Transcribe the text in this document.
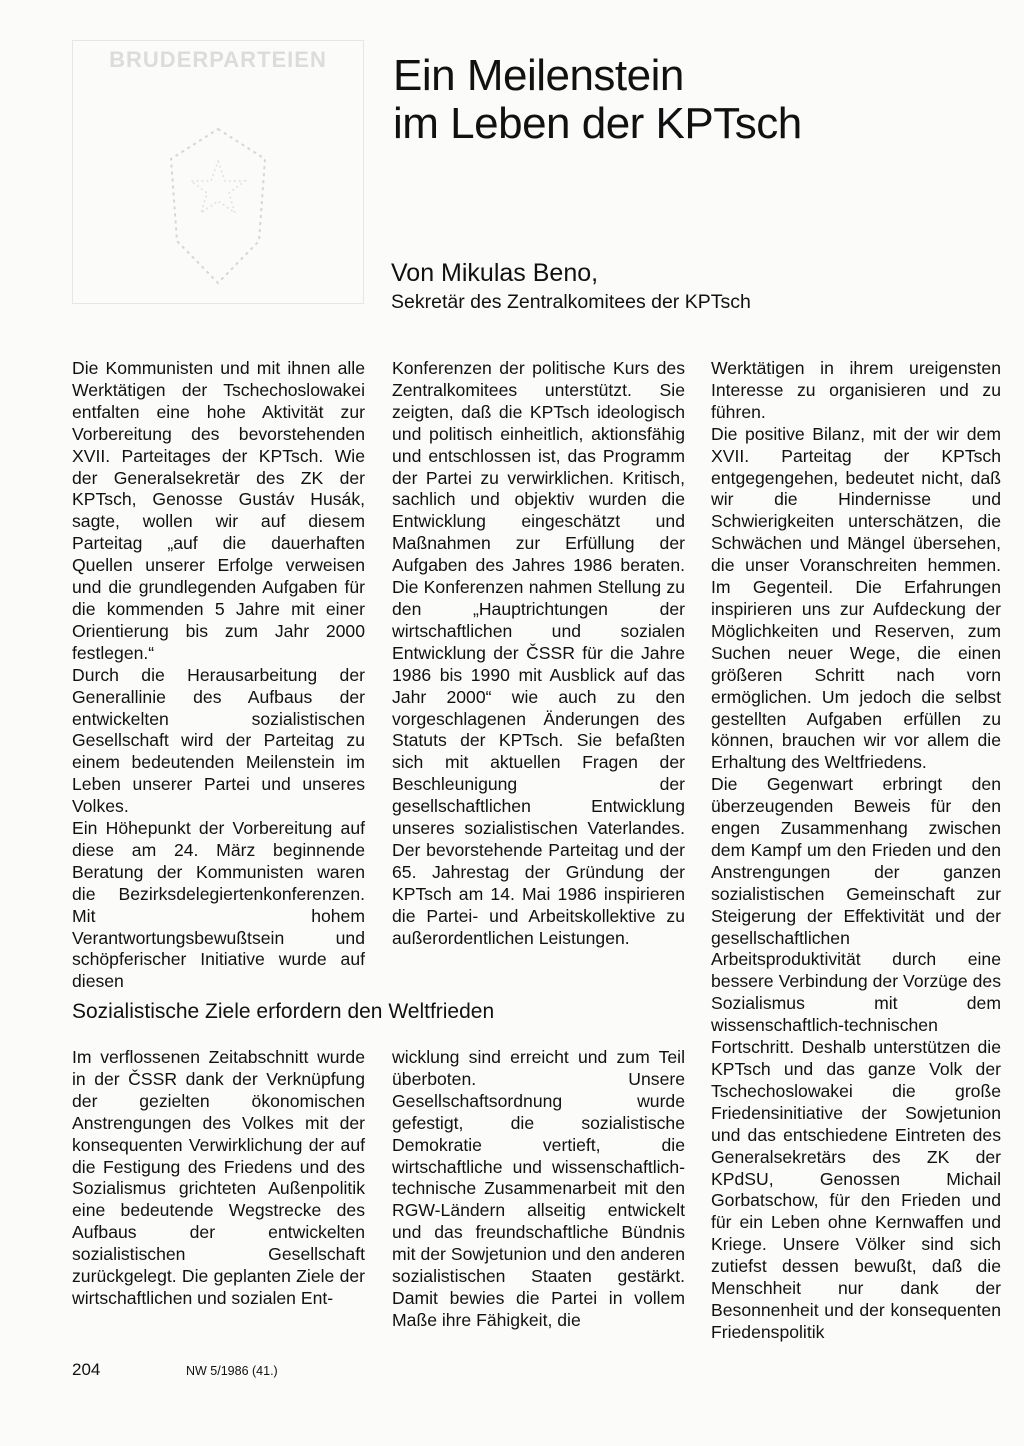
BRUDERPARTEIEN	Ein Meilenstein
im Leben der KPTsch
Von Mikulas Beno,
Sekretär des Zentralkomitees der KPTsch

Die Kommunisten und mit ihnen alle Werktätigen der Tschechoslowakei entfalten eine hohe Aktivität zur Vorbereitung des bevorstehenden XVII. Parteitages der KPTsch. Wie der Generalsekretär des ZK der KPTsch, Genosse Gustáv Husák, sagte, wollen wir auf diesem Parteitag „auf die dauerhaften Quellen unserer Erfolge verweisen und die grundlegenden Aufgaben für die kommenden 5 Jahre mit einer Orientierung bis zum Jahr 2000 festlegen.“

Durch die Herausarbeitung der Generallinie des Aufbaus der entwickelten sozialistischen Gesellschaft wird der Parteitag zu einem bedeutenden Meilenstein im Leben unserer Partei und unseres Volkes.

Ein Höhepunkt der Vorbereitung auf diese am 24. März beginnende Beratung der Kommunisten waren die Bezirksdelegiertenkonferenzen. Mit hohem Verantwortungsbewußtsein und schöpferischer Initiative wurde auf diesen

Konferenzen der politische Kurs des Zentralkomitees unterstützt. Sie zeigten, daß die KPTsch ideologisch und politisch einheitlich, aktionsfähig und entschlossen ist, das Programm der Partei zu verwirklichen. Kritisch, sachlich und objektiv wurden die Entwicklung eingeschätzt und Maßnahmen zur Erfüllung der Aufgaben des Jahres 1986 beraten. Die Konferenzen nahmen Stellung zu den „Hauptrichtungen der wirtschaftlichen und sozialen Entwicklung der ČSSR für die Jahre 1986 bis 1990 mit Ausblick auf das Jahr 2000“ wie auch zu den vorgeschlagenen Änderungen des Statuts der KPTsch. Sie befaßten sich mit aktuellen Fragen der Beschleunigung der gesellschaftlichen Entwicklung unseres sozialistischen Vaterlandes. Der bevorstehende Parteitag und der 65. Jahrestag der Gründung der KPTsch am 14. Mai 1986 inspirieren die Partei- und Arbeitskollektive zu außerordentlichen Leistungen.

Werktätigen in ihrem ureigensten Interesse zu organisieren und zu führen.

Die positive Bilanz, mit der wir dem XVII. Parteitag der KPTsch entgegengehen, bedeutet nicht, daß wir die Hindernisse und Schwierigkeiten unterschätzen, die Schwächen und Mängel übersehen, die unser Voranschreiten hemmen. Im Gegenteil. Die Erfahrungen inspirieren uns zur Aufdeckung der Möglichkeiten und Reserven, zum Suchen neuer Wege, die einen größeren Schritt nach vorn ermöglichen. Um jedoch die selbst gestellten Aufgaben erfüllen zu können, brauchen wir vor allem die Erhaltung des Weltfriedens.

Die Gegenwart erbringt den überzeugenden Beweis für den engen Zusammenhang zwischen dem Kampf um den Frieden und den Anstrengungen der ganzen sozialistischen Gemeinschaft zur Steigerung der Effektivität und der gesellschaftlichen Arbeitsproduktivität durch eine bessere Verbindung der Vorzüge des Sozialismus mit dem wissenschaftlich-technischen Fortschritt. Deshalb unterstützen die KPTsch und das ganze Volk der Tschechoslowakei die große Friedensinitiative der Sowjetunion und das entschiedene Eintreten des Generalsekretärs des ZK der KPdSU, Genossen Michail Gorbatschow, für den Frieden und für ein Leben ohne Kernwaffen und Kriege. Unsere Völker sind sich zutiefst dessen bewußt, daß die Menschheit nur dank der Besonnenheit und der konsequenten Friedenspolitik

Sozialistische Ziele erfordern den Weltfrieden

Im verflossenen Zeitabschnitt wurde in der ČSSR dank der Verknüpfung der gezielten ökonomischen Anstrengungen des Volkes mit der konsequenten Verwirklichung der auf die Festigung des Friedens und des Sozialismus grichteten Außenpolitik eine bedeutende Wegstrecke des Aufbaus der entwickelten sozialistischen Gesellschaft zurückgelegt. Die geplanten Ziele der wirtschaftlichen und sozialen Ent-

wicklung sind erreicht und zum Teil überboten. Unsere Gesellschaftsordnung wurde gefestigt, die sozialistische Demokratie vertieft, die wirtschaftliche und wissenschaftlich-technische Zusammenarbeit mit den RGW-Ländern allseitig entwickelt und das freundschaftliche Bündnis mit der Sowjetunion und den anderen sozialistischen Staaten gestärkt. Damit bewies die Partei in vollem Maße ihre Fähigkeit, die

204	NW 5/1986 (41.)
